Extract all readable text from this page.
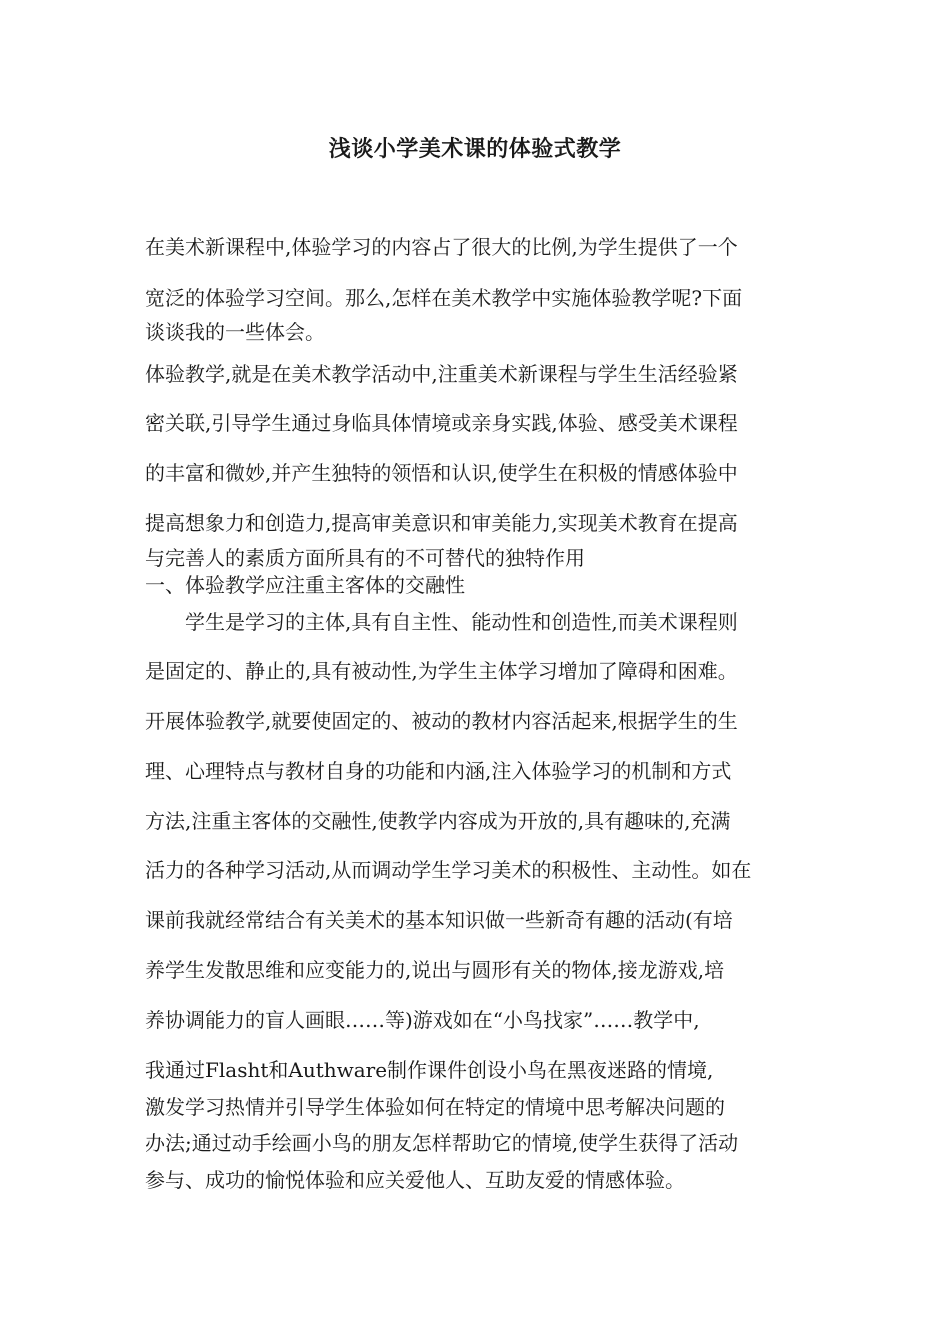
浅谈小学美术课的体验式教学
在美术新课程中,体验学习的内容占了很大的比例,为学生提供了一个
宽泛的体验学习空间。那么,怎样在美术教学中实施体验教学呢?下面
谈谈我的一些体会。
体验教学,就是在美术教学活动中,注重美术新课程与学生生活经验紧
密关联,引导学生通过身临具体情境或亲身实践,体验、感受美术课程
的丰富和微妙,并产生独特的领悟和认识,使学生在积极的情感体验中
提高想象力和创造力,提高审美意识和审美能力,实现美术教育在提高
与完善人的素质方面所具有的不可替代的独特作用
一、体验教学应注重主客体的交融性
　　学生是学习的主体,具有自主性、能动性和创造性,而美术课程则
是固定的、静止的,具有被动性,为学生主体学习增加了障碍和困难。
开展体验教学,就要使固定的、被动的教材内容活起来,根据学生的生
理、心理特点与教材自身的功能和内涵,注入体验学习的机制和方式
方法,注重主客体的交融性,使教学内容成为开放的,具有趣味的,充满
活力的各种学习活动,从而调动学生学习美术的积极性、主动性。如在
课前我就经常结合有关美术的基本知识做一些新奇有趣的活动(有培
养学生发散思维和应变能力的,说出与圆形有关的物体,接龙游戏,培
养协调能力的盲人画眼……等)游戏如在“小鸟找家”……教学中,
我通过Flasht和Authware制作课件创设小鸟在黑夜迷路的情境,
激发学习热情并引导学生体验如何在特定的情境中思考解决问题的
办法;通过动手绘画小鸟的朋友怎样帮助它的情境,使学生获得了活动
参与、成功的愉悦体验和应关爱他人、互助友爱的情感体验。
